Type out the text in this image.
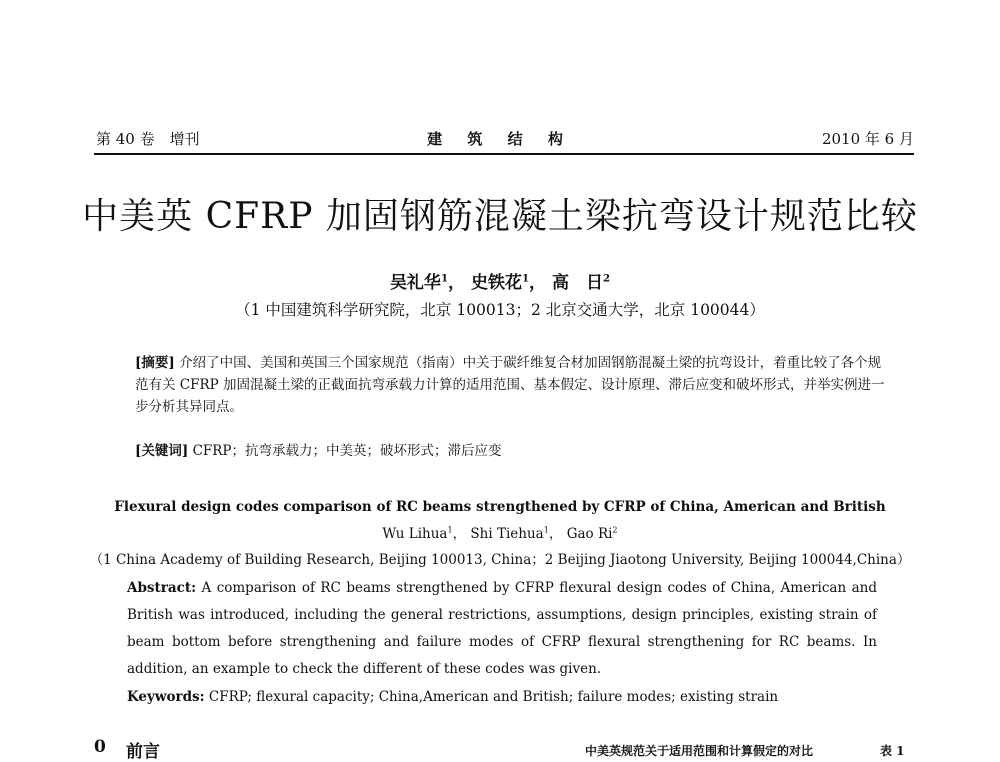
第 40 卷　增刊	建 筑 结 构	2010 年 6 月
中美英 CFRP 加固钢筋混凝土梁抗弯设计规范比较
吴礼华$^1$， 史铁花$^1$， 高　日$^2$
（1 中国建筑科学研究院，北京 100013；2 北京交通大学，北京 100044）
[摘要] 介绍了中国、美国和英国三个国家规范（指南）中关于碳纤维复合材加固钢筋混凝土梁的抗弯设计，着重比较了各个规范有关 CFRP 加固混凝土梁的正截面抗弯承载力计算的适用范围、基本假定、设计原理、滞后应变和破坏形式，并举实例进一步分析其异同点。
[关键词] CFRP；抗弯承载力；中美英；破坏形式；滞后应变
Flexural design codes comparison of RC beams strengthened by CFRP of China, American and British
Wu Lihua$^1$， Shi Tiehua$^1$， Gao Ri$^2$
（1 China Academy of Building Research, Beijing 100013, China；2 Beijing Jiaotong University, Beijing 100044,China）
Abstract: A comparison of RC beams strengthened by CFRP flexural design codes of China, American and British was introduced, including the general restrictions, assumptions, design principles, existing strain of beam bottom before strengthening and failure modes of CFRP flexural strengthening for RC beams. In addition, an example to check the different of these codes was given.
Keywords: CFRP; flexural capacity; China,American and British; failure modes; existing strain
0 前言	中美英规范关于适用范围和计算假定的对比	表 1
